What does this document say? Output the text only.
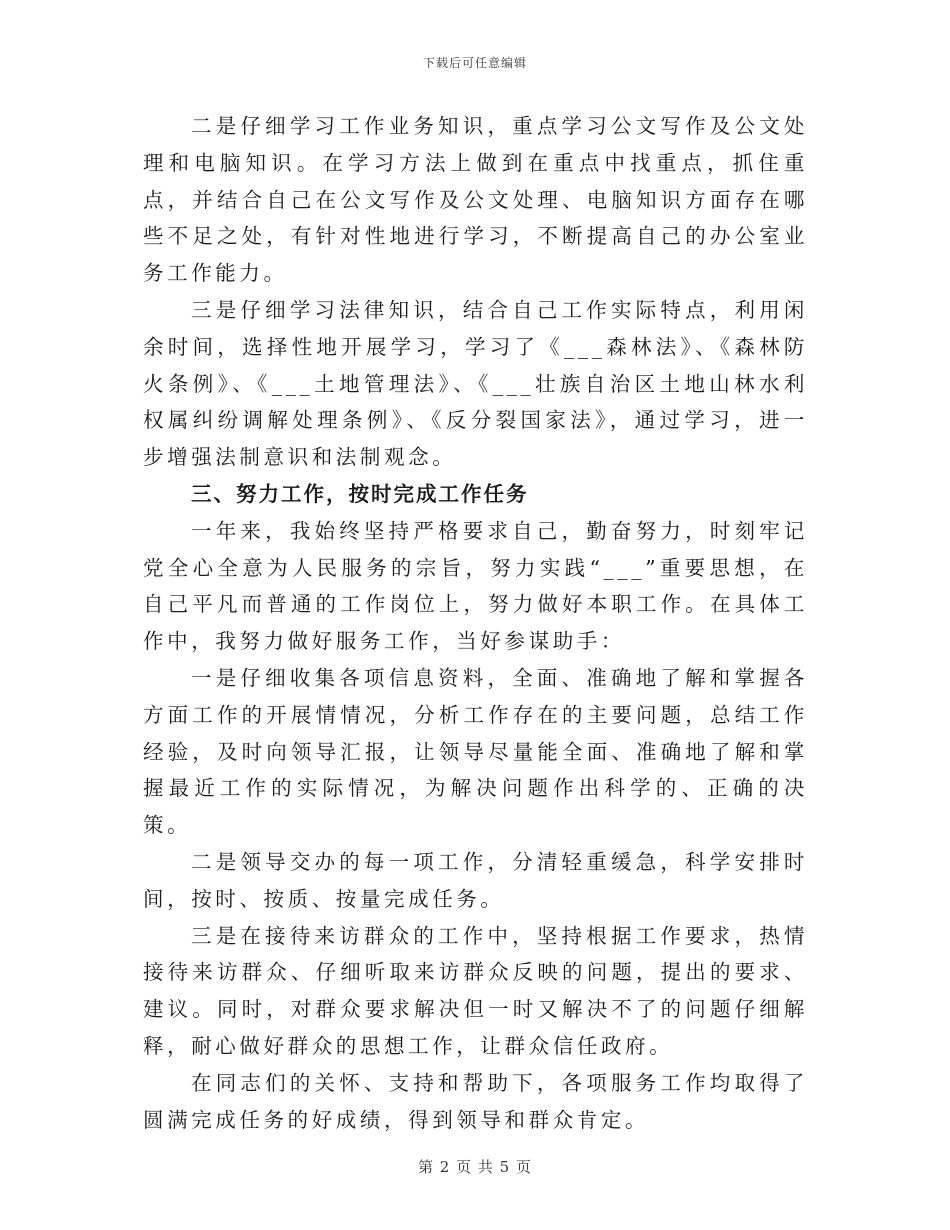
下载后可任意编辑

二是仔细学习工作业务知识，重点学习公文写作及公文处理和电脑知识。在学习方法上做到在重点中找重点，抓住重点，并结合自己在公文写作及公文处理、电脑知识方面存在哪些不足之处，有针对性地进行学习，不断提高自己的办公室业务工作能力。

三是仔细学习法律知识，结合自己工作实际特点，利用闲余时间，选择性地开展学习，学习了《___森林法》、《森林防火条例》、《___土地管理法》、《___壮族自治区土地山林水利权属纠纷调解处理条例》、《反分裂国家法》，通过学习，进一步增强法制意识和法制观念。

三、努力工作，按时完成工作任务

一年来，我始终坚持严格要求自己，勤奋努力，时刻牢记党全心全意为人民服务的宗旨，努力实践“___”重要思想，在自己平凡而普通的工作岗位上，努力做好本职工作。在具体工作中，我努力做好服务工作，当好参谋助手：

一是仔细收集各项信息资料，全面、准确地了解和掌握各方面工作的开展情情况，分析工作存在的主要问题，总结工作经验，及时向领导汇报，让领导尽量能全面、准确地了解和掌握最近工作的实际情况，为解决问题作出科学的、正确的决策。

二是领导交办的每一项工作，分清轻重缓急，科学安排时间，按时、按质、按量完成任务。

三是在接待来访群众的工作中，坚持根据工作要求，热情接待来访群众、仔细听取来访群众反映的问题，提出的要求、建议。同时，对群众要求解决但一时又解决不了的问题仔细解释，耐心做好群众的思想工作，让群众信任政府。

在同志们的关怀、支持和帮助下，各项服务工作均取得了圆满完成任务的好成绩，得到领导和群众肯定。

第 2 页 共 5 页
